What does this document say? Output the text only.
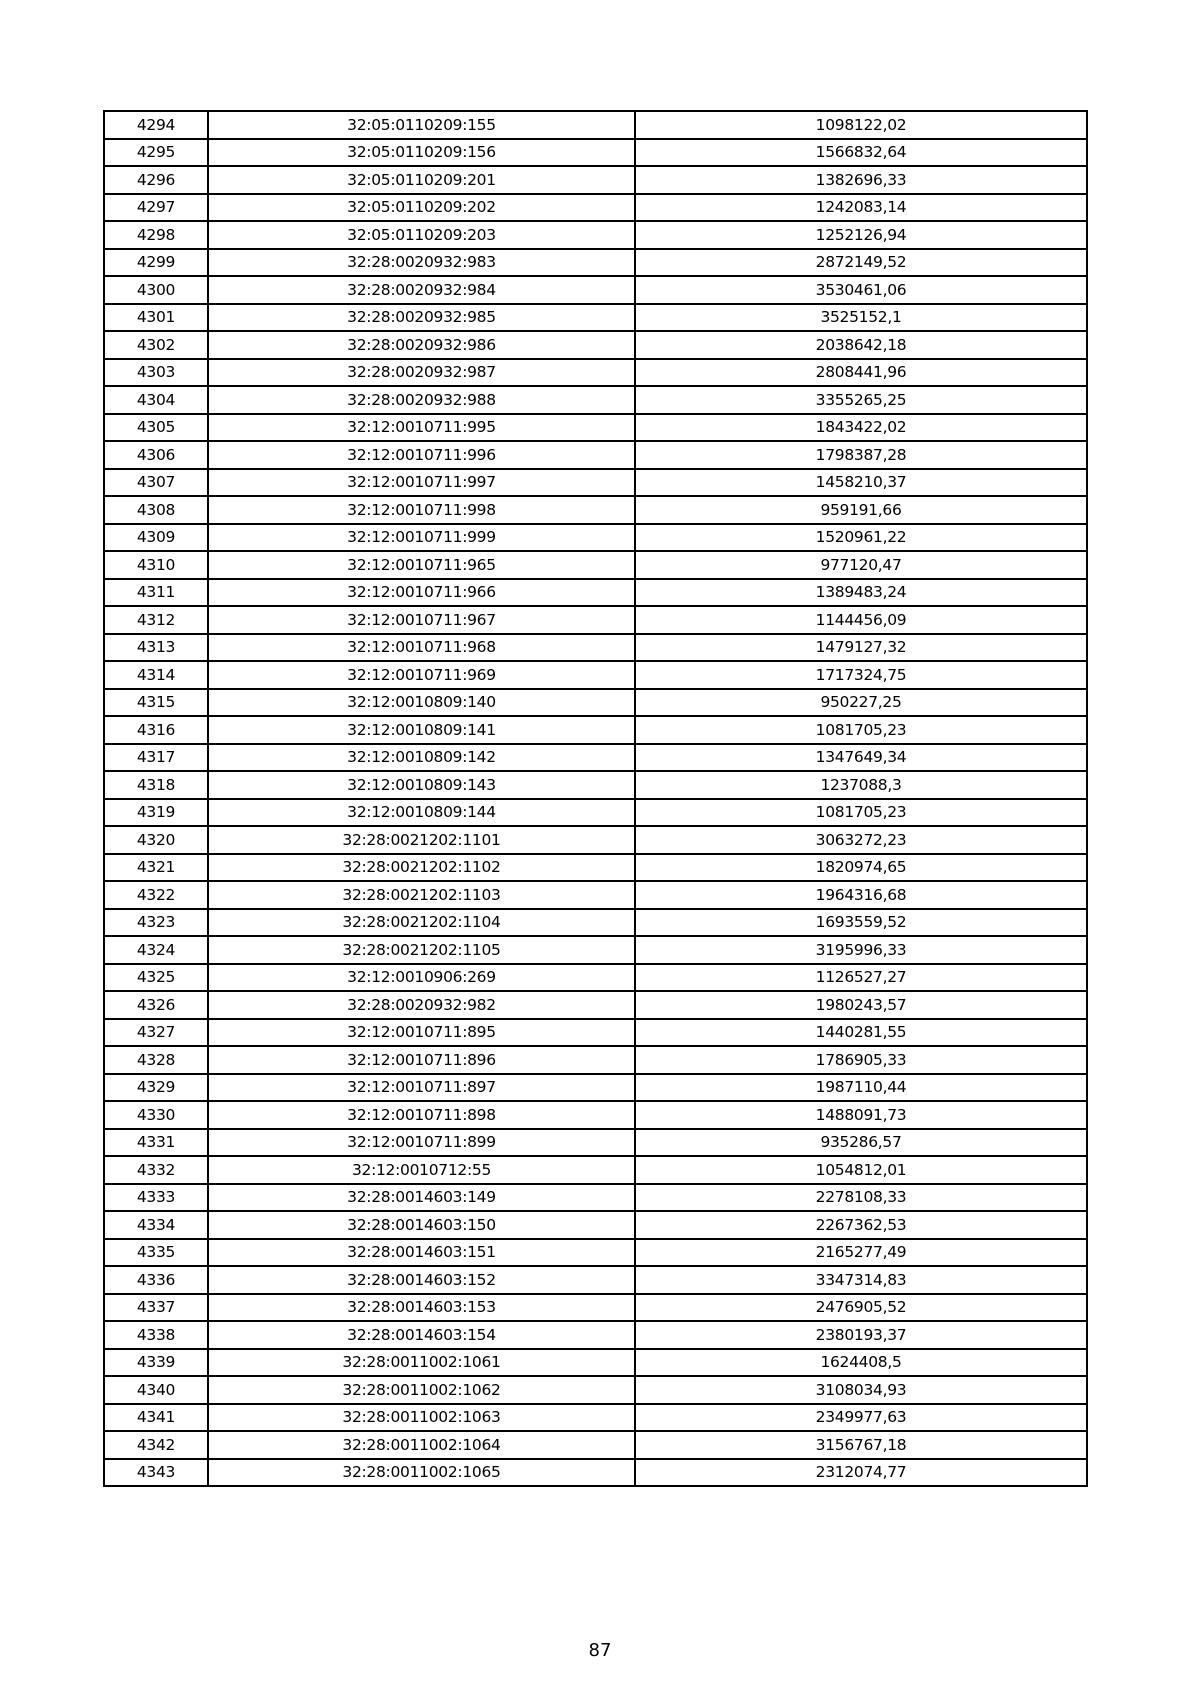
4294	32:05:0110209:155	1098122,02
4295	32:05:0110209:156	1566832,64
4296	32:05:0110209:201	1382696,33
4297	32:05:0110209:202	1242083,14
4298	32:05:0110209:203	1252126,94
4299	32:28:0020932:983	2872149,52
4300	32:28:0020932:984	3530461,06
4301	32:28:0020932:985	3525152,1
4302	32:28:0020932:986	2038642,18
4303	32:28:0020932:987	2808441,96
4304	32:28:0020932:988	3355265,25
4305	32:12:0010711:995	1843422,02
4306	32:12:0010711:996	1798387,28
4307	32:12:0010711:997	1458210,37
4308	32:12:0010711:998	959191,66
4309	32:12:0010711:999	1520961,22
4310	32:12:0010711:965	977120,47
4311	32:12:0010711:966	1389483,24
4312	32:12:0010711:967	1144456,09
4313	32:12:0010711:968	1479127,32
4314	32:12:0010711:969	1717324,75
4315	32:12:0010809:140	950227,25
4316	32:12:0010809:141	1081705,23
4317	32:12:0010809:142	1347649,34
4318	32:12:0010809:143	1237088,3
4319	32:12:0010809:144	1081705,23
4320	32:28:0021202:1101	3063272,23
4321	32:28:0021202:1102	1820974,65
4322	32:28:0021202:1103	1964316,68
4323	32:28:0021202:1104	1693559,52
4324	32:28:0021202:1105	3195996,33
4325	32:12:0010906:269	1126527,27
4326	32:28:0020932:982	1980243,57
4327	32:12:0010711:895	1440281,55
4328	32:12:0010711:896	1786905,33
4329	32:12:0010711:897	1987110,44
4330	32:12:0010711:898	1488091,73
4331	32:12:0010711:899	935286,57
4332	32:12:0010712:55	1054812,01
4333	32:28:0014603:149	2278108,33
4334	32:28:0014603:150	2267362,53
4335	32:28:0014603:151	2165277,49
4336	32:28:0014603:152	3347314,83
4337	32:28:0014603:153	2476905,52
4338	32:28:0014603:154	2380193,37
4339	32:28:0011002:1061	1624408,5
4340	32:28:0011002:1062	3108034,93
4341	32:28:0011002:1063	2349977,63
4342	32:28:0011002:1064	3156767,18
4343	32:28:0011002:1065	2312074,77
87
